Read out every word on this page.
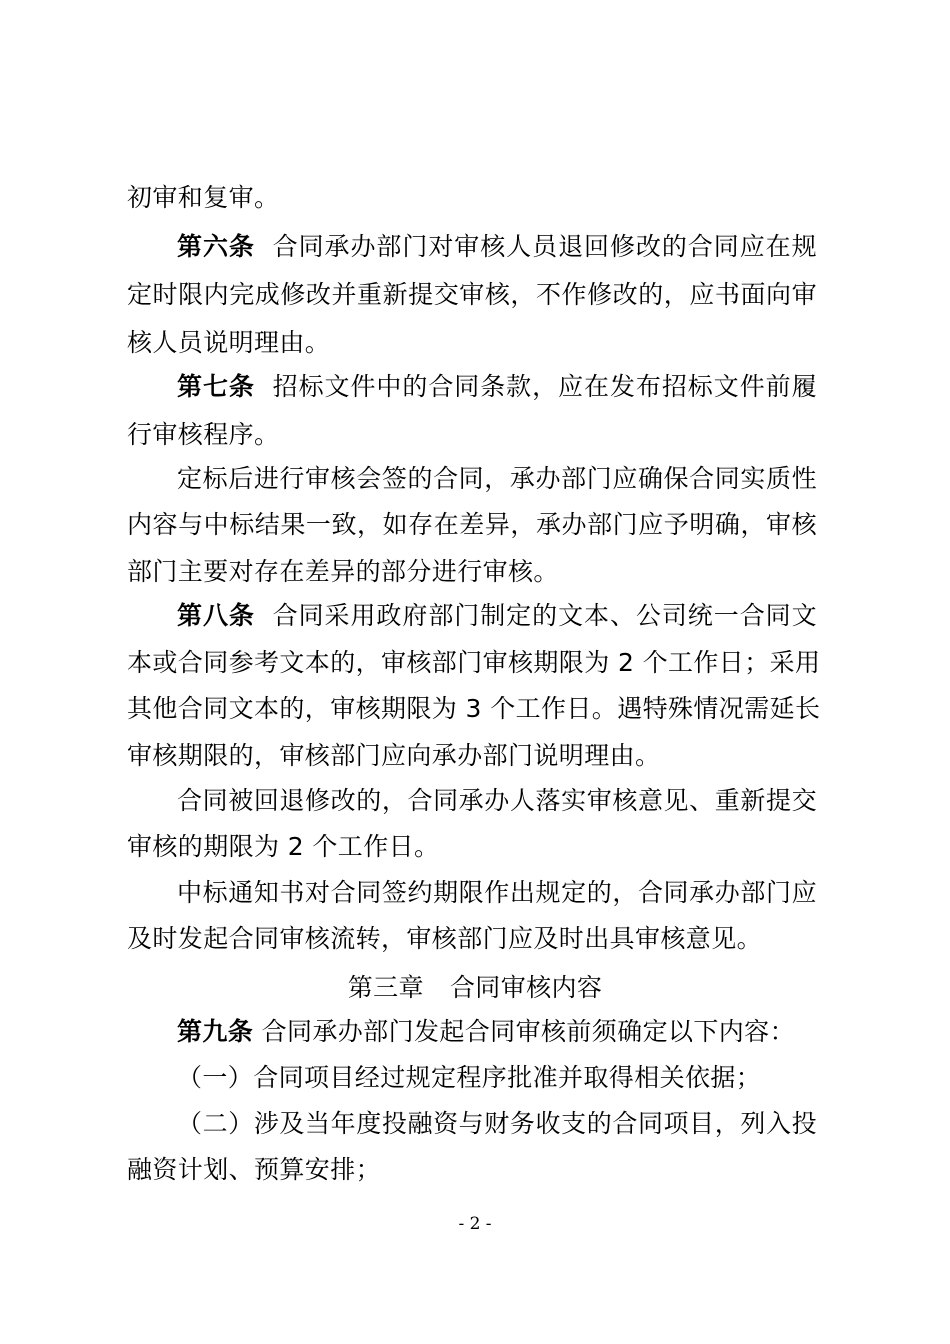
初审和复审。
第六条 合同承办部门对审核人员退回修改的合同应在规
定时限内完成修改并重新提交审核，不作修改的，应书面向审
核人员说明理由。
第七条 招标文件中的合同条款，应在发布招标文件前履
行审核程序。
定标后进行审核会签的合同，承办部门应确保合同实质性
内容与中标结果一致，如存在差异，承办部门应予明确，审核
部门主要对存在差异的部分进行审核。
第八条 合同采用政府部门制定的文本、公司统一合同文
本或合同参考文本的，审核部门审核期限为 2 个工作日；采用
其他合同文本的，审核期限为 3 个工作日。遇特殊情况需延长
审核期限的，审核部门应向承办部门说明理由。
合同被回退修改的，合同承办人落实审核意见、重新提交
审核的期限为 2 个工作日。
中标通知书对合同签约期限作出规定的，合同承办部门应
及时发起合同审核流转，审核部门应及时出具审核意见。
第三章 合同审核内容
第九条 合同承办部门发起合同审核前须确定以下内容：
（一）合同项目经过规定程序批准并取得相关依据；
（二）涉及当年度投融资与财务收支的合同项目，列入投
融资计划、预算安排；
- 2 -
